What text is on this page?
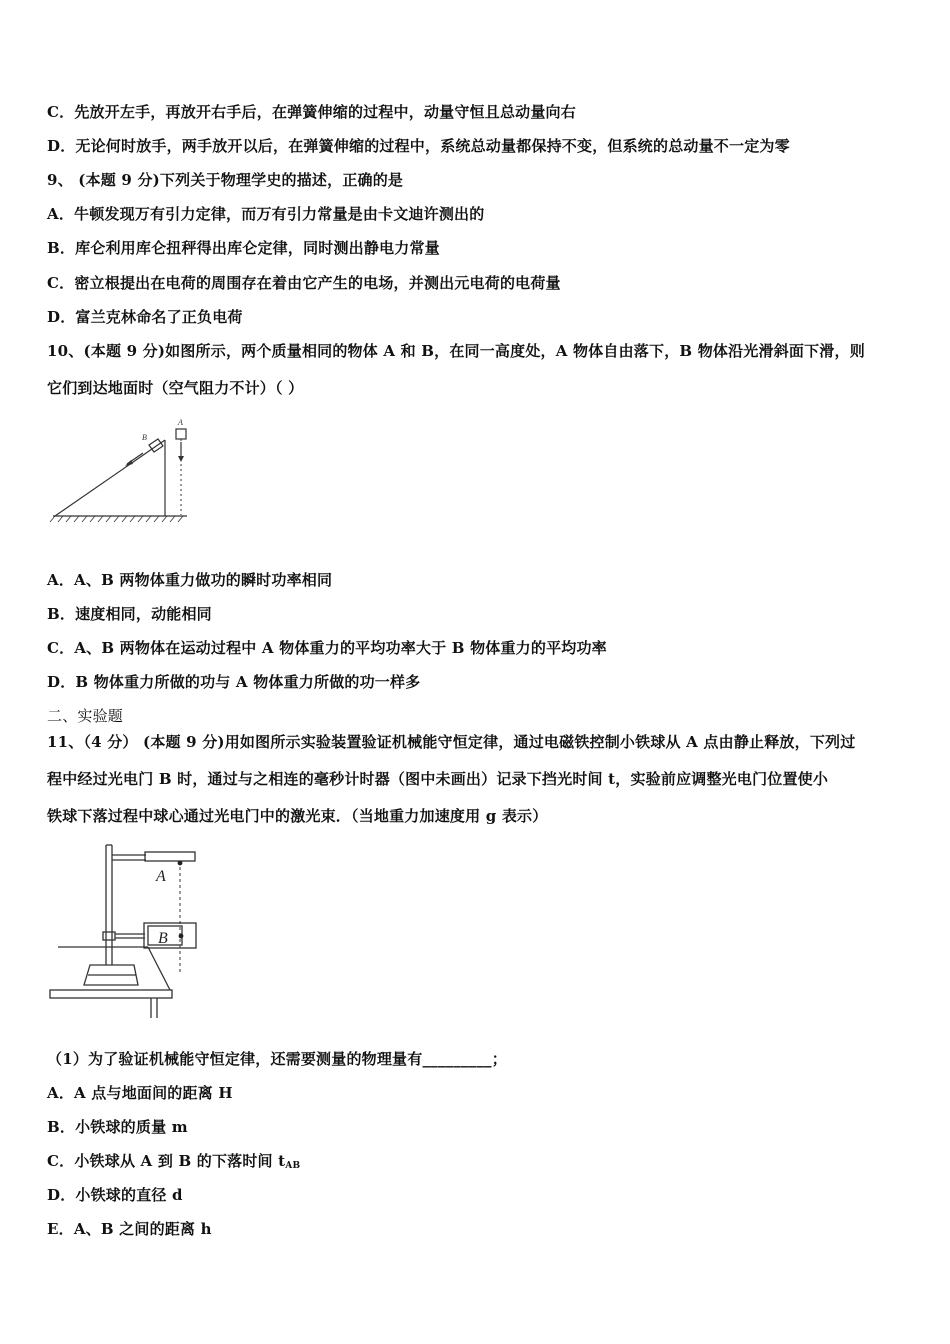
C．先放开左手，再放开右手后，在弹簧伸缩的过程中，动量守恒且总动量向右
D．无论何时放手，两手放开以后，在弹簧伸缩的过程中，系统总动量都保持不变，但系统的总动量不一定为零
9、 (本题 9 分)下列关于物理学史的描述，正确的是
A．牛顿发现万有引力定律，而万有引力常量是由卡文迪许测出的
B．库仑利用库仑扭秤得出库仑定律，同时测出静电力常量
C．密立根提出在电荷的周围存在着由它产生的电场，并测出元电荷的电荷量
D．富兰克林命名了正负电荷
10、(本题 9 分)如图所示，两个质量相同的物体 A 和 B，在同一高度处，A 物体自由落下，B 物体沿光滑斜面下滑，则
它们到达地面时（空气阻力不计）（ ）
B
A
A．A、B 两物体重力做功的瞬时功率相同
B．速度相同，动能相同
C．A、B 两物体在运动过程中 A 物体重力的平均功率大于 B 物体重力的平均功率
D．B 物体重力所做的功与 A 物体重力所做的功一样多
二、实验题
11、（4 分） (本题 9 分)用如图所示实验装置验证机械能守恒定律，通过电磁铁控制小铁球从 A 点由静止释放，下列过
程中经过光电门 B 时，通过与之相连的毫秒计时器（图中未画出）记录下挡光时间 t，实验前应调整光电门位置使小
铁球下落过程中球心通过光电门中的激光束．（当地重力加速度用 g 表示）
A
B
（1）为了验证机械能守恒定律，还需要测量的物理量有_________；
A．A 点与地面间的距离 H
B．小铁球的质量 m
C．小铁球从 A 到 B 的下落时间 $t_{AB}$
D．小铁球的直径 d
E．A、B 之间的距离 h
